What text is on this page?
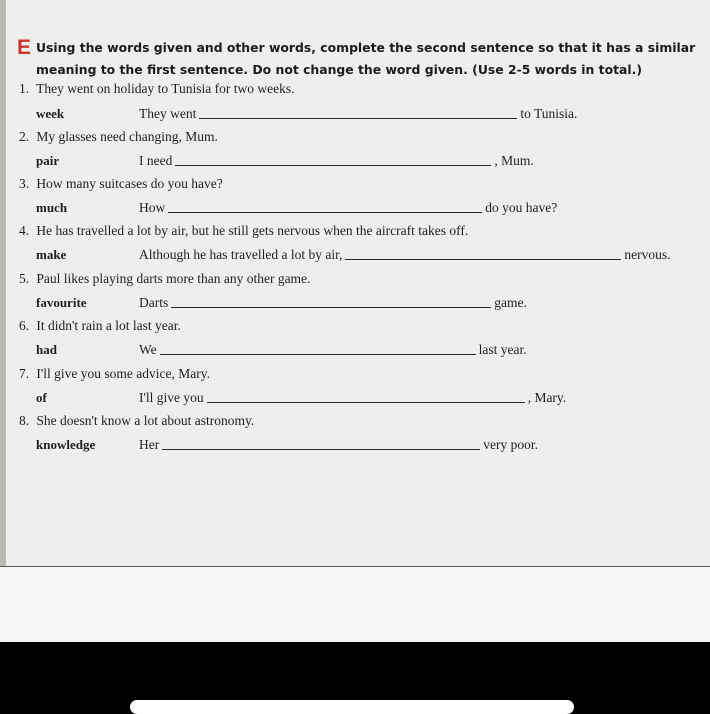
E Using the words given and other words, complete the second sentence so that it has a similar
meaning to the first sentence. Do not change the word given. (Use 2-5 words in total.)
1. They went on holiday to Tunisia for two weeks.
week	They went	to Tunisia.
2. My glasses need changing, Mum.
pair	I need	, Mum.
3. How many suitcases do you have?
much	How	do you have?
4. He has travelled a lot by air, but he still gets nervous when the aircraft takes off.
make	Although he has travelled a lot by air,	nervous.
5. Paul likes playing darts more than any other game.
favourite	Darts	game.
6. It didn't rain a lot last year.
had	We	last year.
7. I'll give you some advice, Mary.
of	I'll give you	, Mary.
8. She doesn't know a lot about astronomy.
knowledge	Her	very poor.
